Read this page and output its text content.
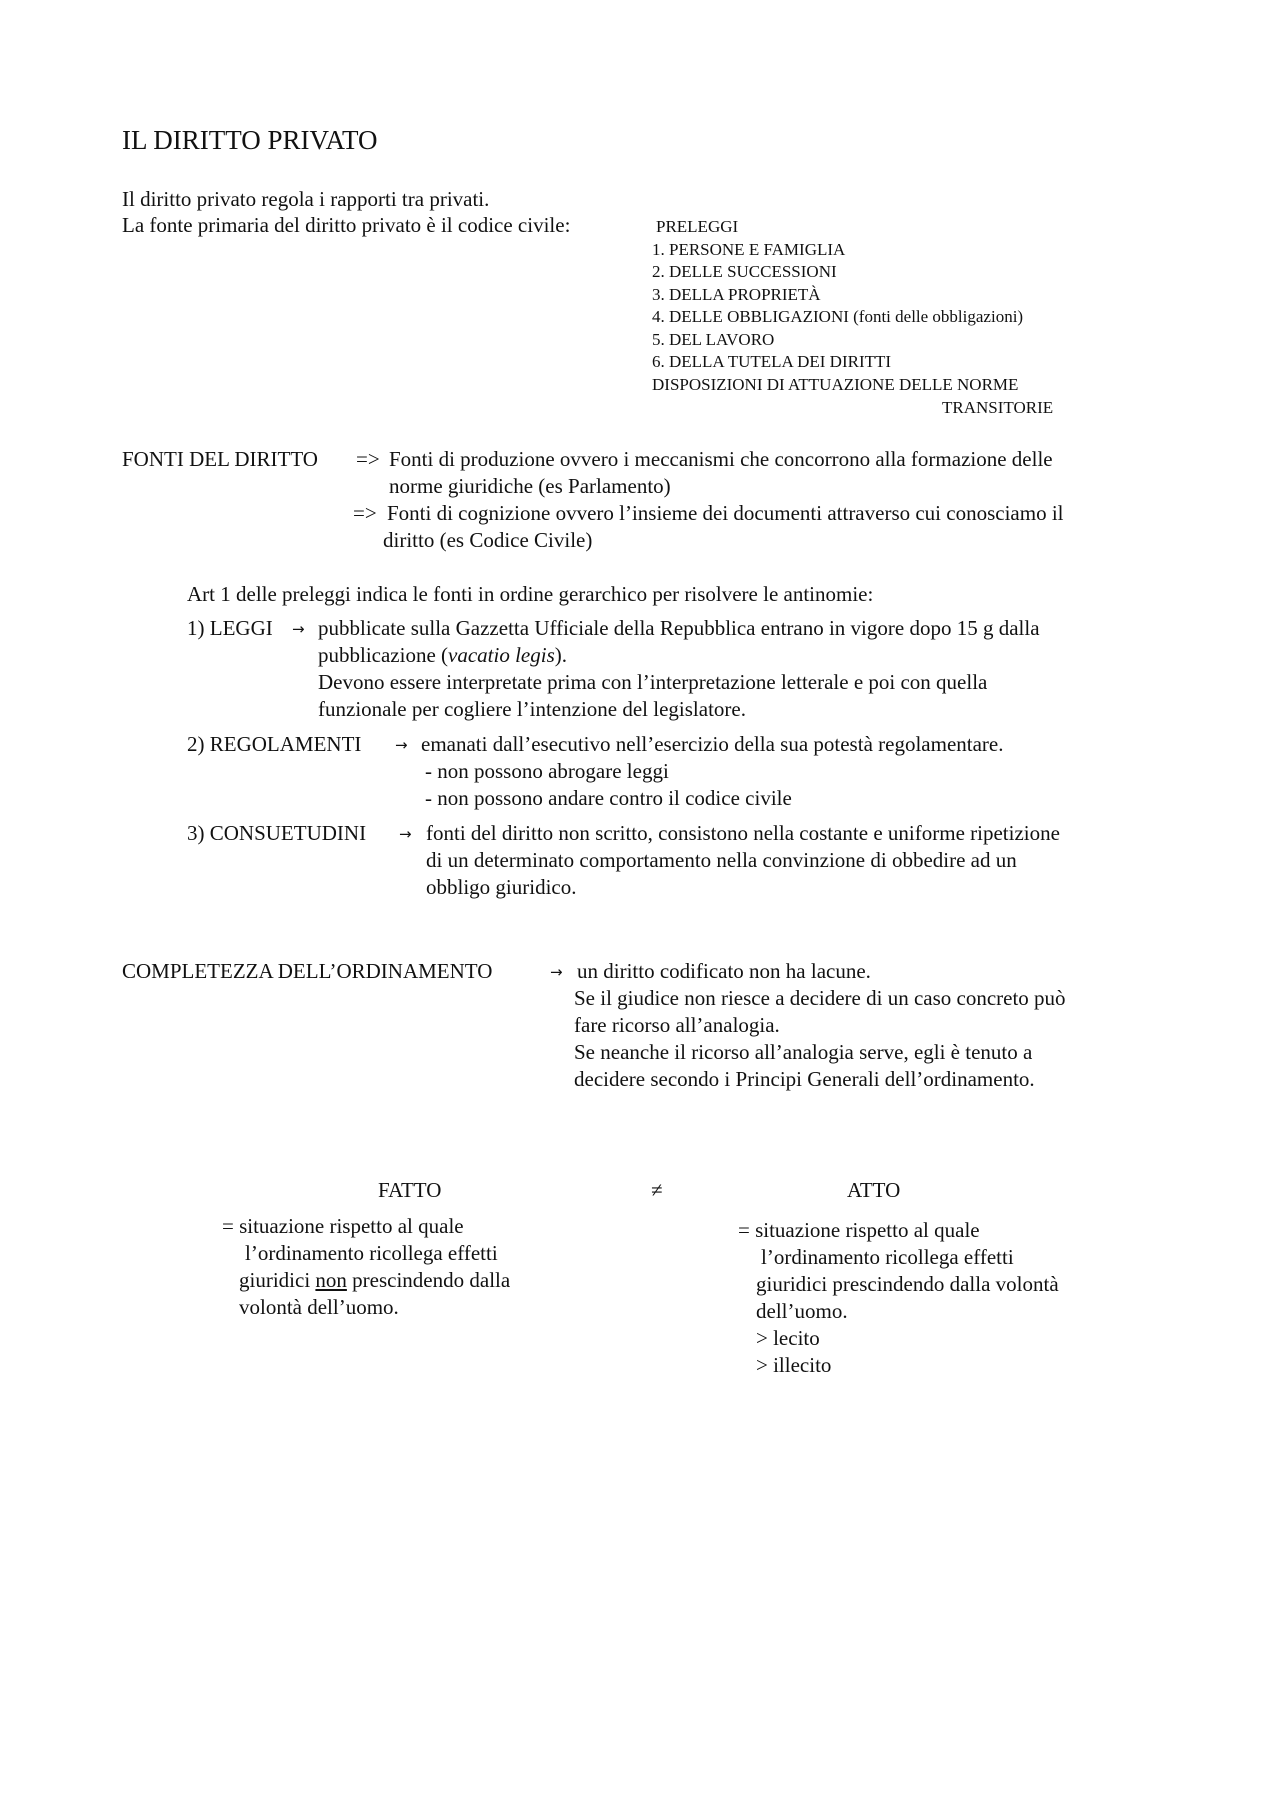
IL DIRITTO PRIVATO
Il diritto privato regola i rapporti tra privati.
La fonte primaria del diritto privato è il codice civile:	PRELEGGI
1. PERSONE E FAMIGLIA
2. DELLE SUCCESSIONI
3. DELLA PROPRIETÀ
4. DELLE OBBLIGAZIONI (fonti delle obbligazioni)
5. DEL LAVORO
6. DELLA TUTELA DEI DIRITTI
DISPOSIZIONI DI ATTUAZIONE DELLE NORME
TRANSITORIE
FONTI DEL DIRITTO => Fonti di produzione ovvero i meccanismi che concorrono alla formazione delle
norme giuridiche (es Parlamento)
=> Fonti di cognizione ovvero l’insieme dei documenti attraverso cui conosciamo il
diritto (es Codice Civile)
Art 1 delle preleggi indica le fonti in ordine gerarchico per risolvere le antinomie:
1) LEGGI → pubblicate sulla Gazzetta Ufficiale della Repubblica entrano in vigore dopo 15 g dalla
pubblicazione (vacatio legis).
Devono essere interpretate prima con l’interpretazione letterale e poi con quella
funzionale per cogliere l’intenzione del legislatore.
2) REGOLAMENTI → emanati dall’esecutivo nell’esercizio della sua potestà regolamentare.
- non possono abrogare leggi
- non possono andare contro il codice civile
3) CONSUETUDINI → fonti del diritto non scritto, consistono nella costante e uniforme ripetizione
di un determinato comportamento nella convinzione di obbedire ad un
obbligo giuridico.
COMPLETEZZA DELL’ORDINAMENTO	→ un diritto codificato non ha lacune.
Se il giudice non riesce a decidere di un caso concreto può
fare ricorso all’analogia.
Se neanche il ricorso all’analogia serve, egli è tenuto a
decidere secondo i Principi Generali dell’ordinamento.
FATTO	≠	ATTO
= situazione rispetto al quale
l’ordinamento ricollega effetti
giuridici non prescindendo dalla
volontà dell’uomo.
= situazione rispetto al quale
l’ordinamento ricollega effetti
giuridici prescindendo dalla volontà
dell’uomo.
> lecito
> illecito
